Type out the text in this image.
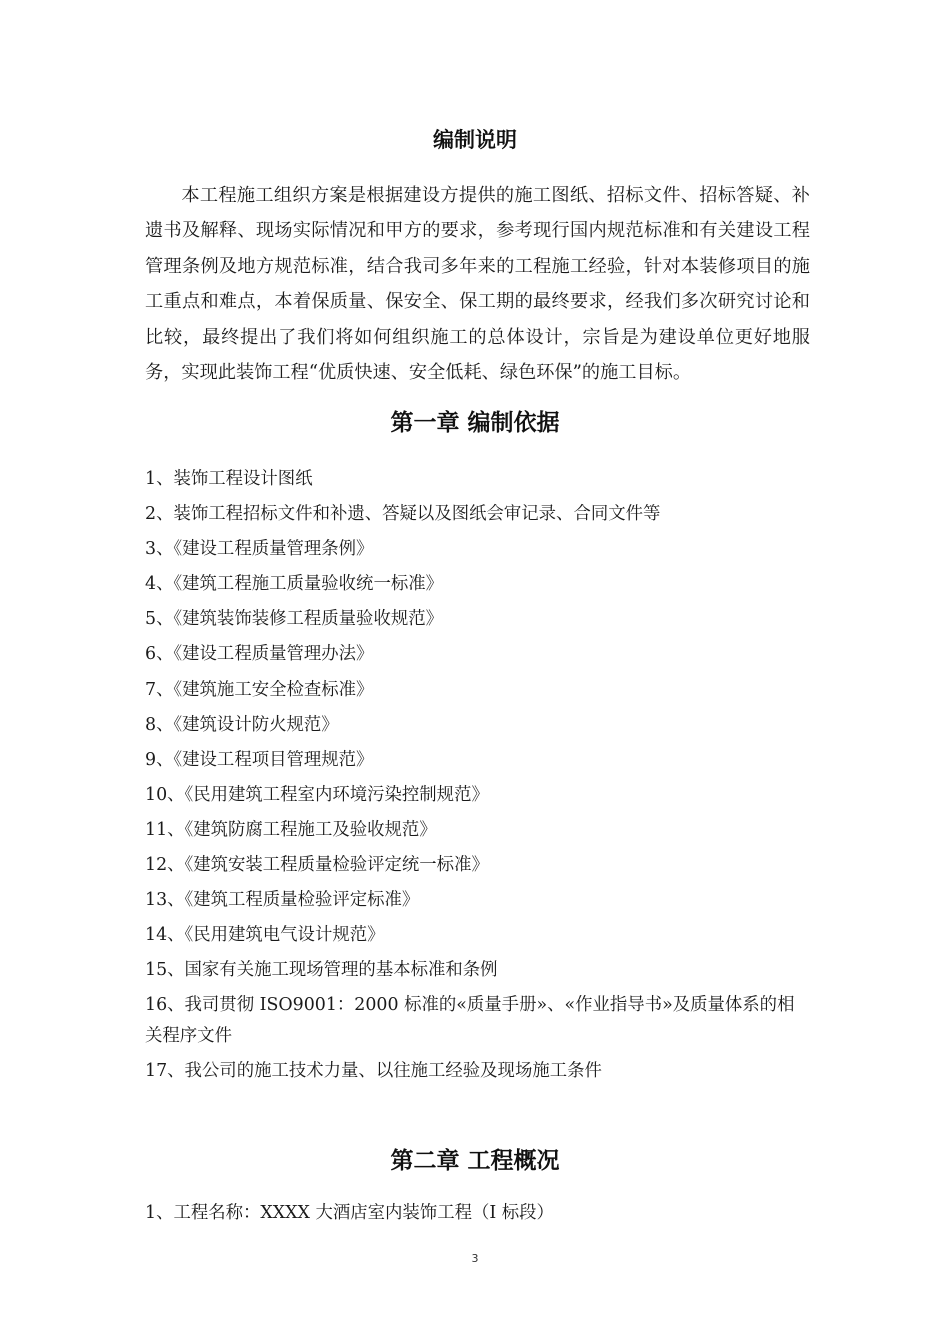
编制说明

本工程施工组织方案是根据建设方提供的施工图纸、招标文件、招标答疑、补遗书及解释、现场实际情况和甲方的要求，参考现行国内规范标准和有关建设工程管理条例及地方规范标准，结合我司多年来的工程施工经验，针对本装修项目的施工重点和难点，本着保质量、保安全、保工期的最终要求，经我们多次研究讨论和比较，最终提出了我们将如何组织施工的总体设计，宗旨是为建设单位更好地服务，实现此装饰工程“优质快速、安全低耗、绿色环保”的施工目标。

第一章 编制依据
1、装饰工程设计图纸
2、装饰工程招标文件和补遗、答疑以及图纸会审记录、合同文件等
3、《建设工程质量管理条例》
4、《建筑工程施工质量验收统一标准》
5、《建筑装饰装修工程质量验收规范》
6、《建设工程质量管理办法》
7、《建筑施工安全检查标准》
8、《建筑设计防火规范》
9、《建设工程项目管理规范》
10、《民用建筑工程室内环境污染控制规范》
11、《建筑防腐工程施工及验收规范》
12、《建筑安装工程质量检验评定统一标准》
13、《建筑工程质量检验评定标准》
14、《民用建筑电气设计规范》
15、国家有关施工现场管理的基本标准和条例
16、我司贯彻 ISO9001：2000 标准的«质量手册»、«作业指导书»及质量体系的相关程序文件
17、我公司的施工技术力量、以往施工经验及现场施工条件
第二章 工程概况

1、工程名称：XXXX 大酒店室内装饰工程（I 标段）

3
